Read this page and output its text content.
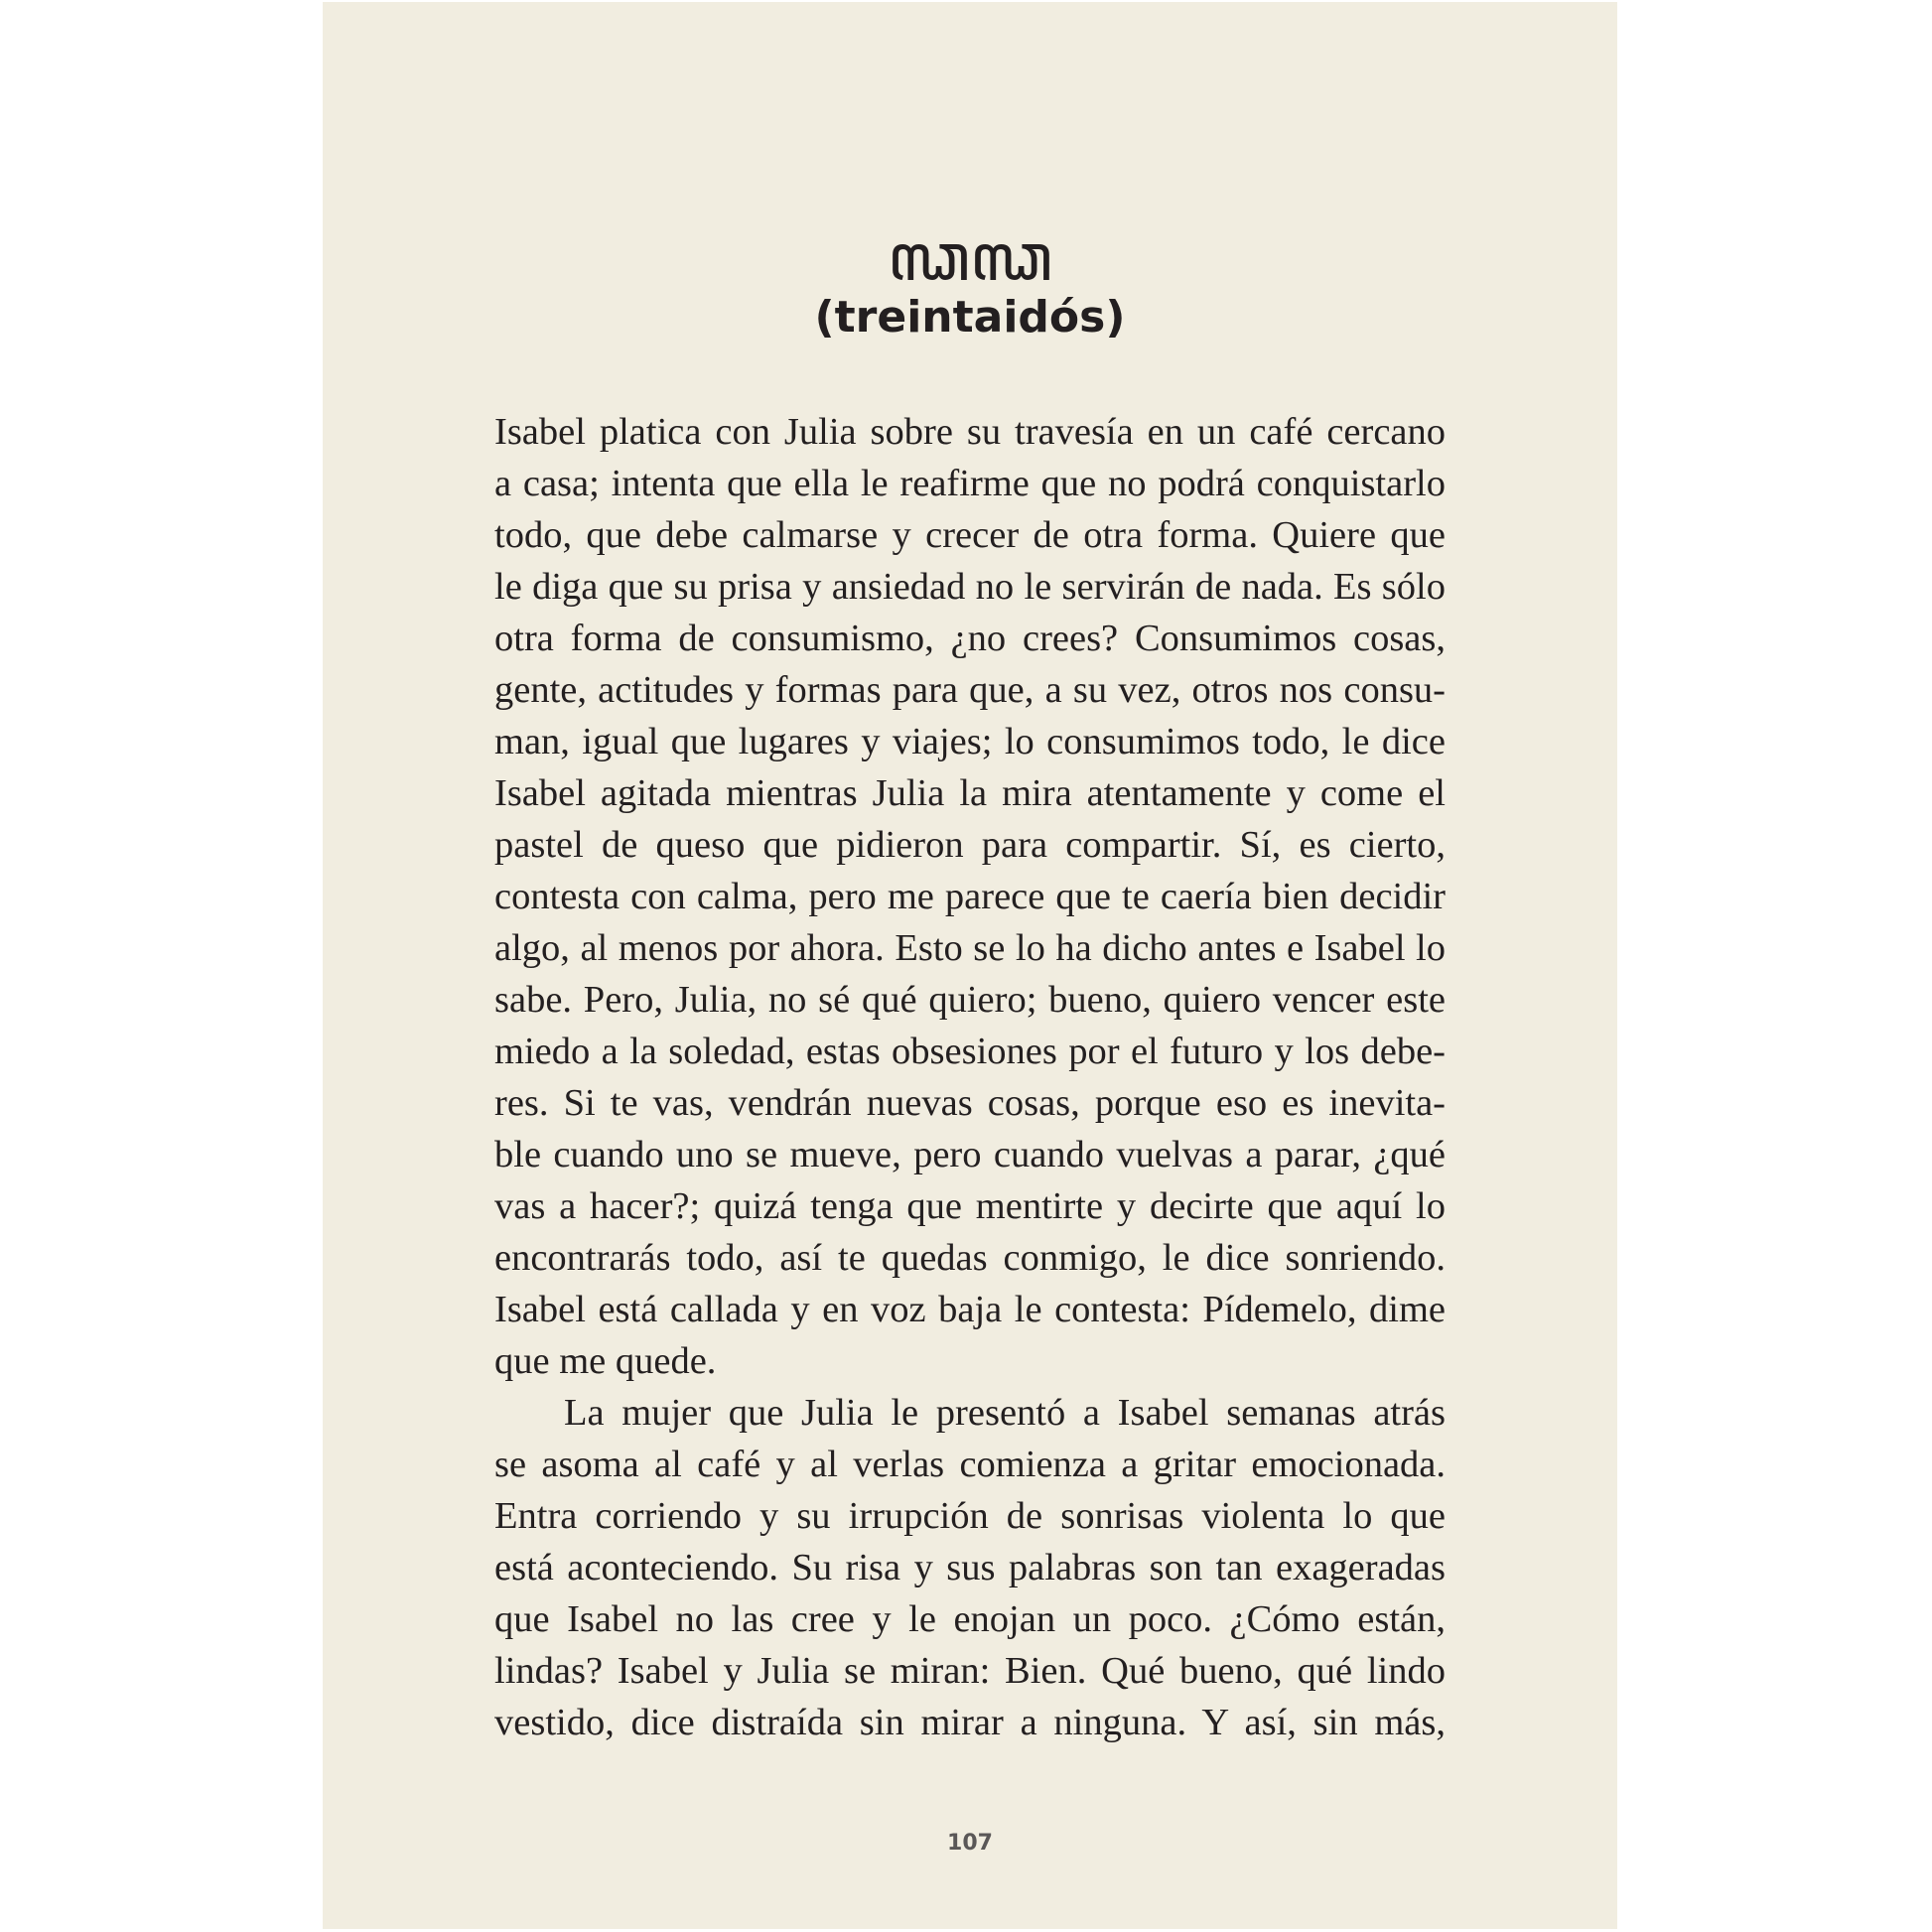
ꦓꦓ
(treintaidós)
Isabel platica con Julia sobre su travesía en un café cercano
a casa; intenta que ella le reafirme que no podrá conquistarlo
todo, que debe calmarse y crecer de otra forma. Quiere que
le diga que su prisa y ansiedad no le servirán de nada. Es sólo
otra forma de consumismo, ¿no crees? Consumimos cosas,
gente, actitudes y formas para que, a su vez, otros nos consu-
man, igual que lugares y viajes; lo consumimos todo, le dice
Isabel agitada mientras Julia la mira atentamente y come el
pastel de queso que pidieron para compartir. Sí, es cierto,
contesta con calma, pero me parece que te caería bien decidir
algo, al menos por ahora. Esto se lo ha dicho antes e Isabel lo
sabe. Pero, Julia, no sé qué quiero; bueno, quiero vencer este
miedo a la soledad, estas obsesiones por el futuro y los debe-
res. Si te vas, vendrán nuevas cosas, porque eso es inevita-
ble cuando uno se mueve, pero cuando vuelvas a parar, ¿qué
vas a hacer?; quizá tenga que mentirte y decirte que aquí lo
encontrarás todo, así te quedas conmigo, le dice sonriendo.
Isabel está callada y en voz baja le contesta: Pídemelo, dime
que me quede.
La mujer que Julia le presentó a Isabel semanas atrás
se asoma al café y al verlas comienza a gritar emocionada.
Entra corriendo y su irrupción de sonrisas violenta lo que
está aconteciendo. Su risa y sus palabras son tan exageradas
que Isabel no las cree y le enojan un poco. ¿Cómo están,
lindas? Isabel y Julia se miran: Bien. Qué bueno, qué lindo
vestido, dice distraída sin mirar a ninguna. Y así, sin más,
107
